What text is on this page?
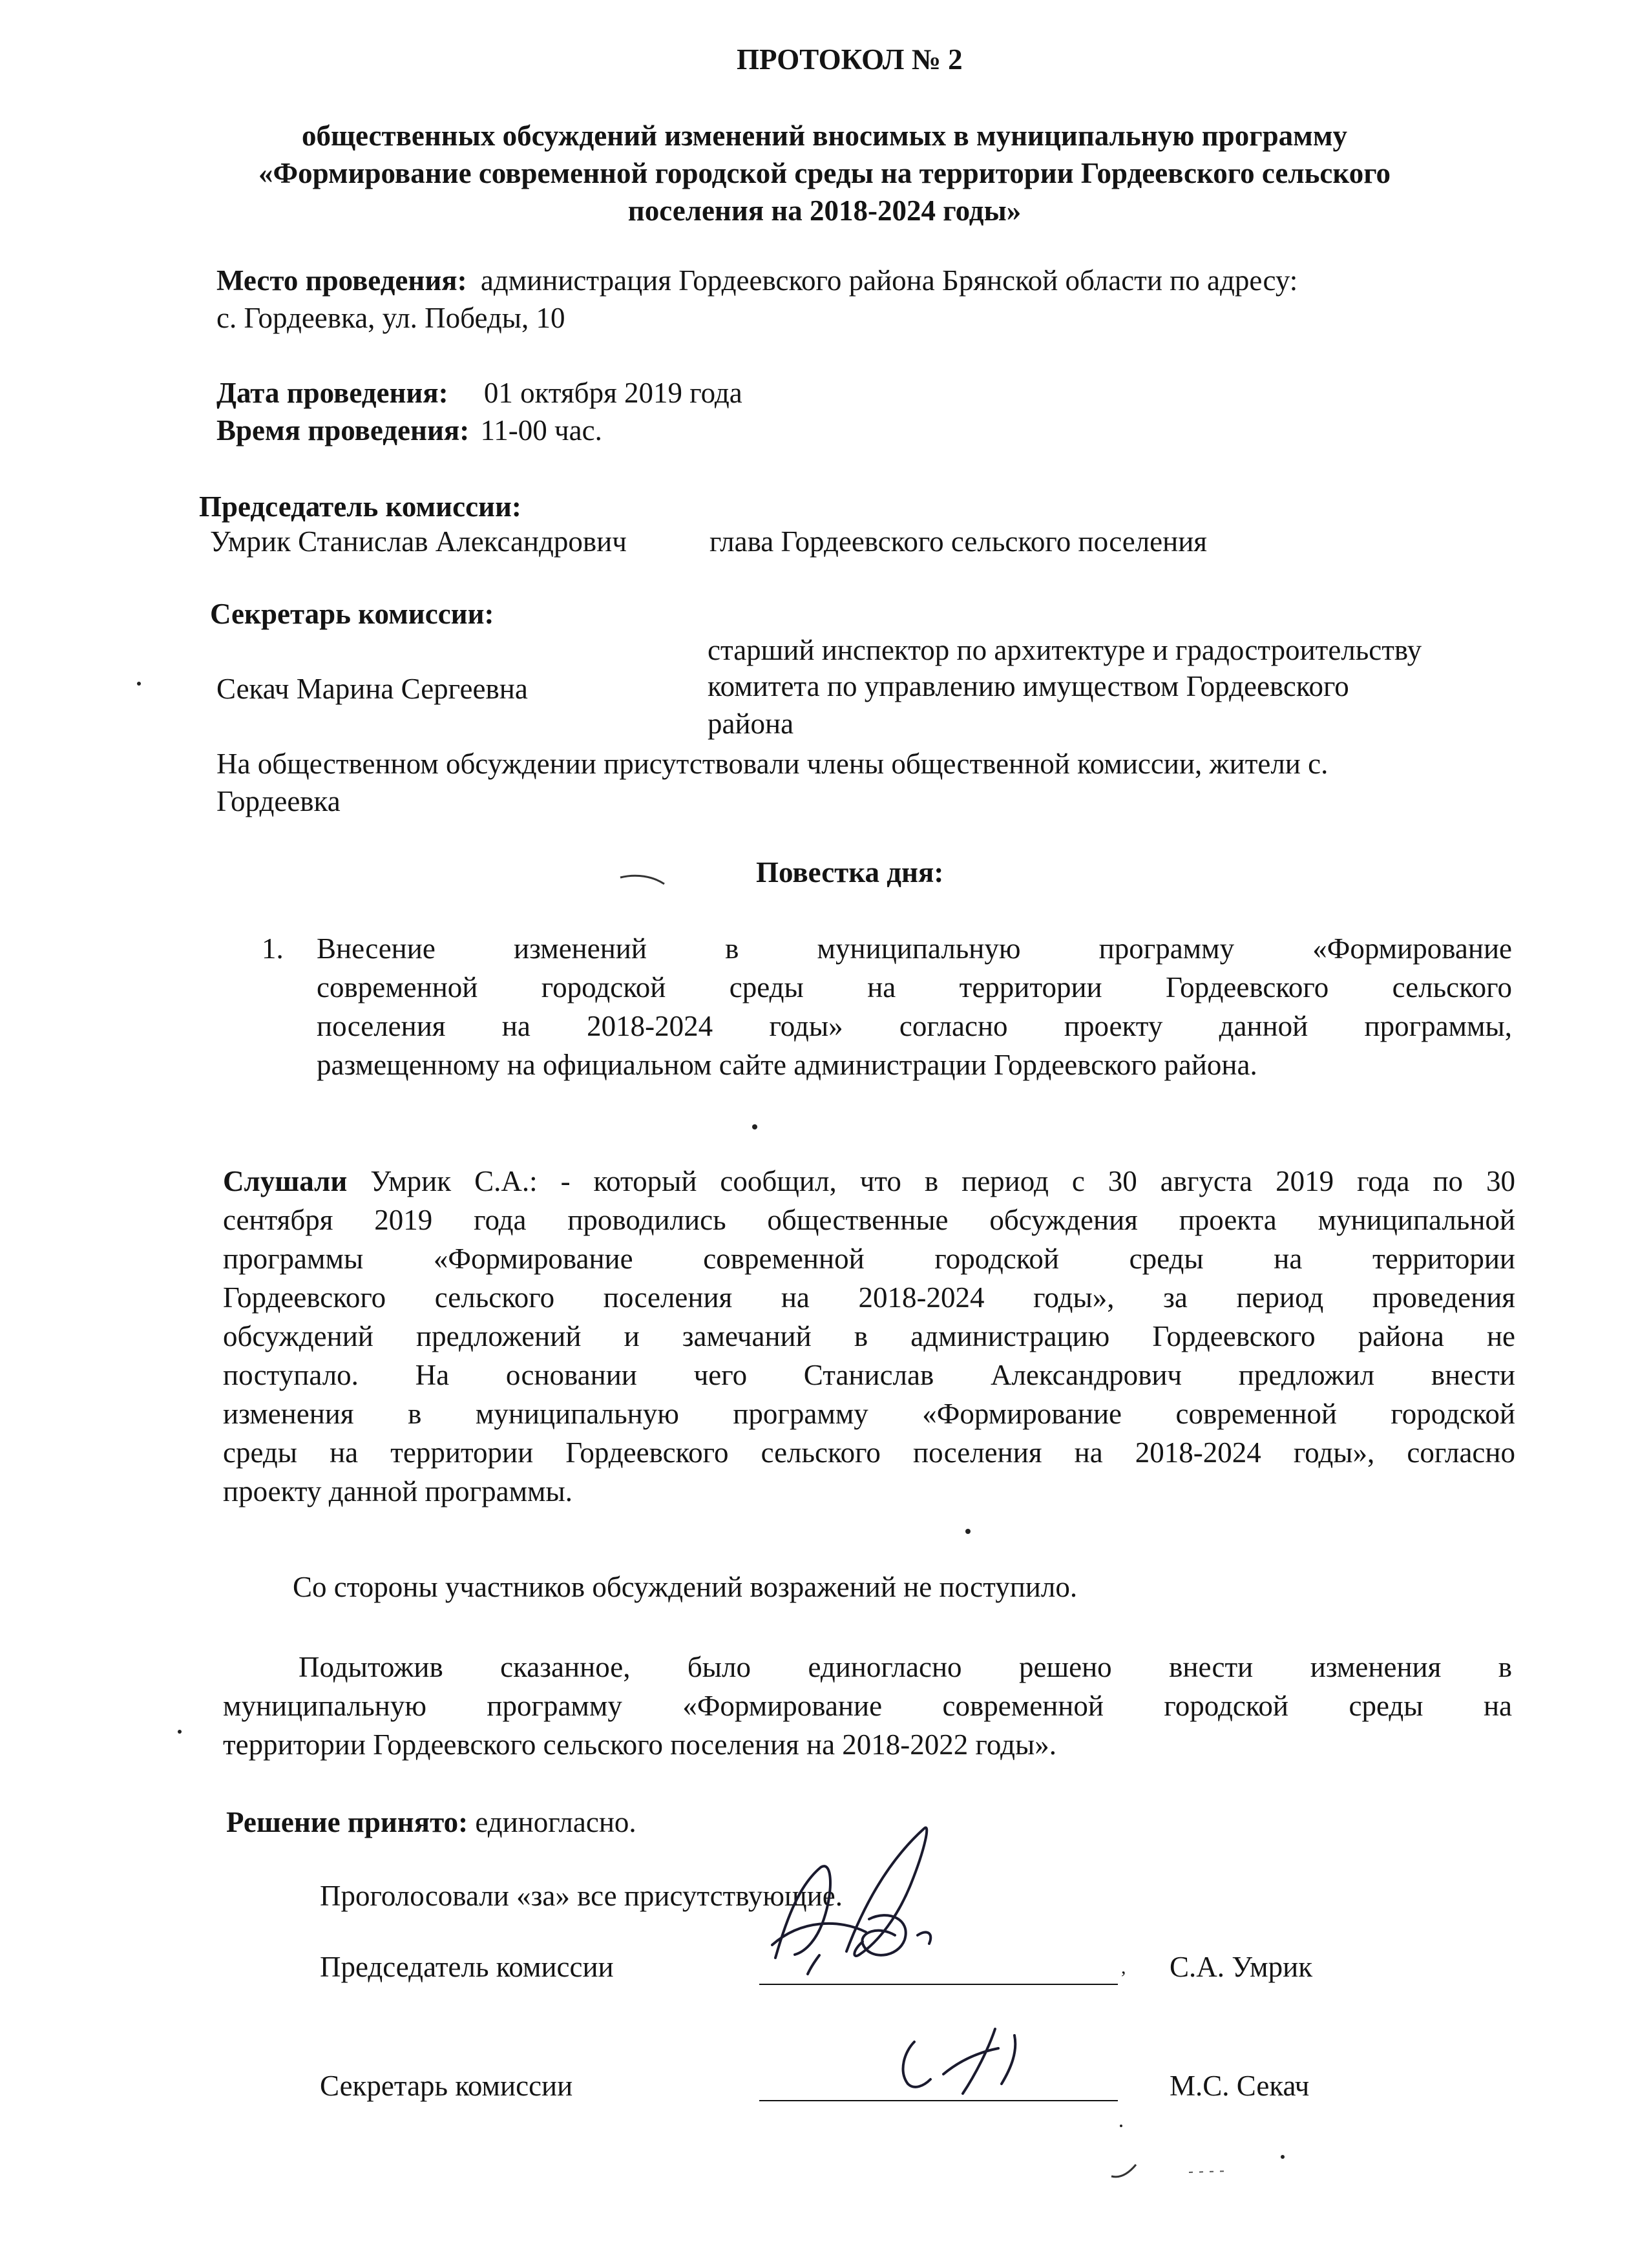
ПРОТОКОЛ № 2
общественных обсуждений изменений вносимых в муниципальную программу
«Формирование современной городской среды на территории Гордеевского сельского
поселения на 2018-2024 годы»
Место проведения: администрация Гордеевского района Брянской области по адресу:
с. Гордеевка, ул. Победы, 10
Дата проведения: 01 октября 2019 года
Время проведения: 11-00 час.
Председатель комиссии:
Умрик Станислав Александрович	глава Гордеевского сельского поселения
Секретарь комиссии:
старший инспектор по архитектуре и градостроительству
Секач Марина Сергеевна	комитета по управлению имуществом Гордеевского
района
На общественном обсуждении присутствовали члены общественной комиссии, жители с.
Гордеевка
Повестка дня:
1. Внесение изменений в муниципальную программу «Формирование
современной городской среды на территории Гордеевского сельского
поселения на 2018-2024 годы» согласно проекту данной программы,
размещенному на официальном сайте администрации Гордеевского района.
Слушали Умрик С.А.: - который сообщил, что в период с 30 августа 2019 года по 30
сентября 2019 года проводились общественные обсуждения проекта муниципальной
программы «Формирование современной городской среды на территории
Гордеевского сельского поселения на 2018-2024 годы», за период проведения
обсуждений предложений и замечаний в администрацию Гордеевского района не
поступало. На основании чего Станислав Александрович предложил внести
изменения в муниципальную программу «Формирование современной городской
среды на территории Гордеевского сельского поселения на 2018-2024 годы», согласно
проекту данной программы.
Со стороны участников обсуждений возражений не поступило.
Подытожив сказанное, было единогласно решено внести изменения в
муниципальную программу «Формирование современной городской среды на
территории Гордеевского сельского поселения на 2018-2022 годы».
Решение принято: единогласно.
Проголосовали «за» все присутствующие.
Председатель комиссии	, С.А. Умрик
Секретарь комиссии	М.С. Секач
